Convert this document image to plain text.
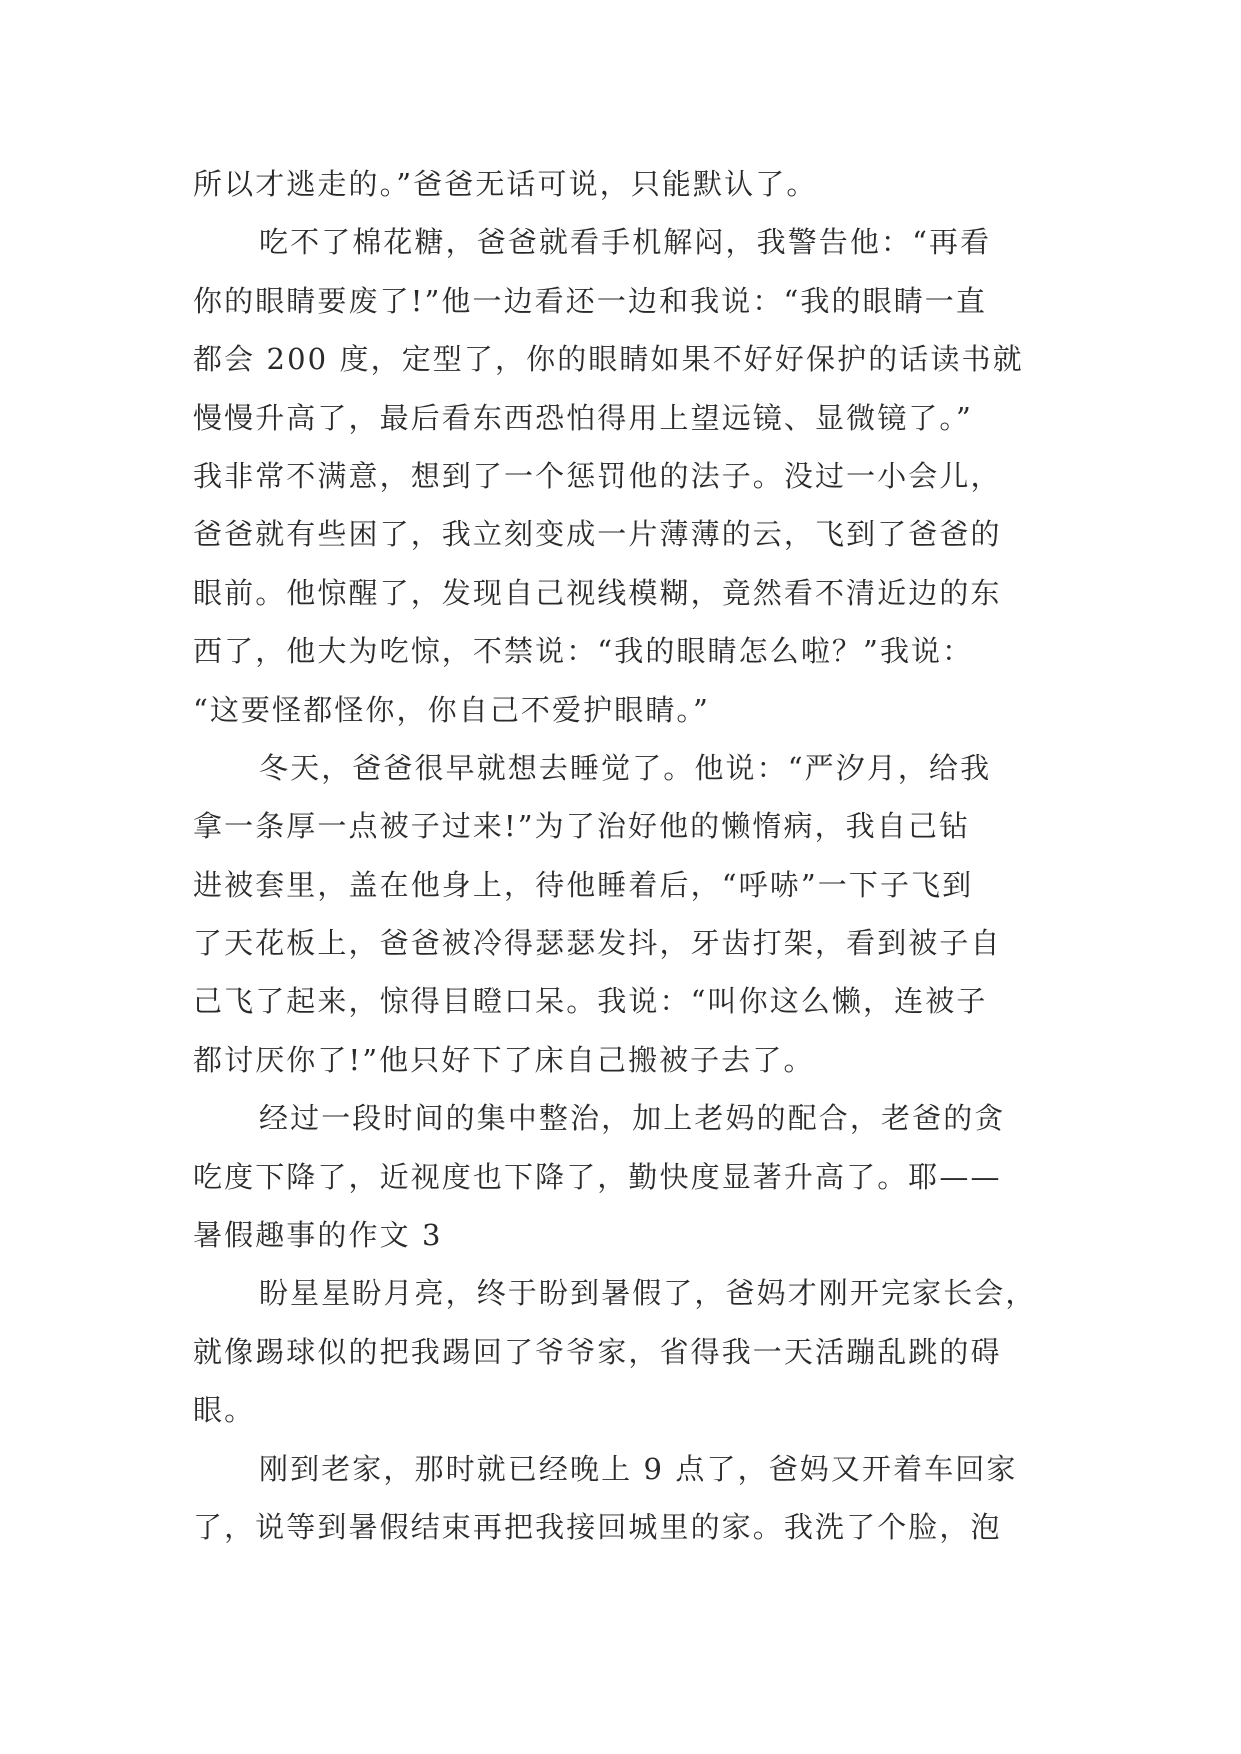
所以才逃走的。”爸爸无话可说，只能默认了。
吃不了棉花糖，爸爸就看手机解闷，我警告他：“再看
你的眼睛要废了!”他一边看还一边和我说：“我的眼睛一直
都会 200 度，定型了，你的眼睛如果不好好保护的话读书就
慢慢升高了，最后看东西恐怕得用上望远镜、显微镜了。”
我非常不满意，想到了一个惩罚他的法子。没过一小会儿，
爸爸就有些困了，我立刻变成一片薄薄的云，飞到了爸爸的
眼前。他惊醒了，发现自己视线模糊，竟然看不清近边的东
西了，他大为吃惊，不禁说：“我的眼睛怎么啦？”我说：
“这要怪都怪你，你自己不爱护眼睛。”
冬天，爸爸很早就想去睡觉了。他说：“严汐月，给我
拿一条厚一点被子过来!”为了治好他的懒惰病，我自己钻
进被套里，盖在他身上，待他睡着后，“呼哧”一下子飞到
了天花板上，爸爸被冷得瑟瑟发抖，牙齿打架，看到被子自
己飞了起来，惊得目瞪口呆。我说：“叫你这么懒，连被子
都讨厌你了!”他只好下了床自己搬被子去了。
经过一段时间的集中整治，加上老妈的配合，老爸的贪
吃度下降了，近视度也下降了，勤快度显著升高了。耶——
暑假趣事的作文 3
盼星星盼月亮，终于盼到暑假了，爸妈才刚开完家长会，
就像踢球似的把我踢回了爷爷家，省得我一天活蹦乱跳的碍
眼。
刚到老家，那时就已经晚上 9 点了，爸妈又开着车回家
了，说等到暑假结束再把我接回城里的家。我洗了个脸，泡
